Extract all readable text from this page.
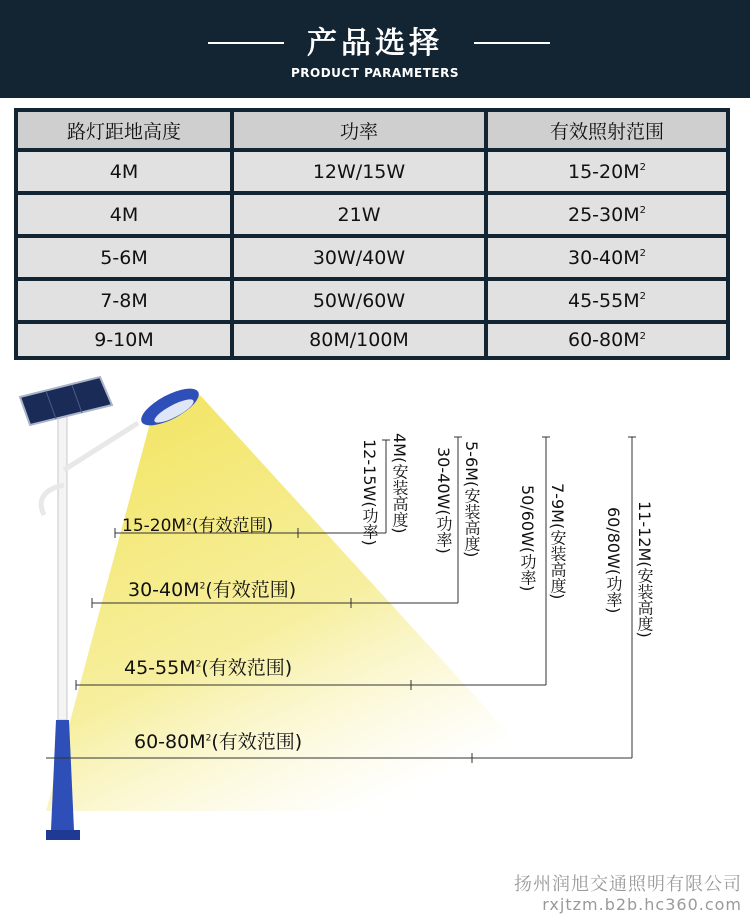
产品选择
PRODUCT PARAMETERS
路灯距地高度	功率	有效照射范围
4M	12W/15W	$15-20M^2$
4M	21W	$25-30M^2$
5-6M	30W/40W	$30-40M^2$
7-8M	50W/60W	$45-55M^2$
9-10M	80M/100M	$60-80M^2$
$15-20M^2$(有效范围)
$30-40M^2$(有效范围)
$45-55M^2$(有效范围)
$60-80M^2$(有效范围)
4M(安装高度)
12-15W(功率)	5-6M(安装高度)
30-40W(功率)	7-9M(安装高度)
50/60W(功率)	11-12M(安装高度)
60/80W(功率)
扬州润旭交通照明有限公司
rxjtzm.b2b.hc360.com
